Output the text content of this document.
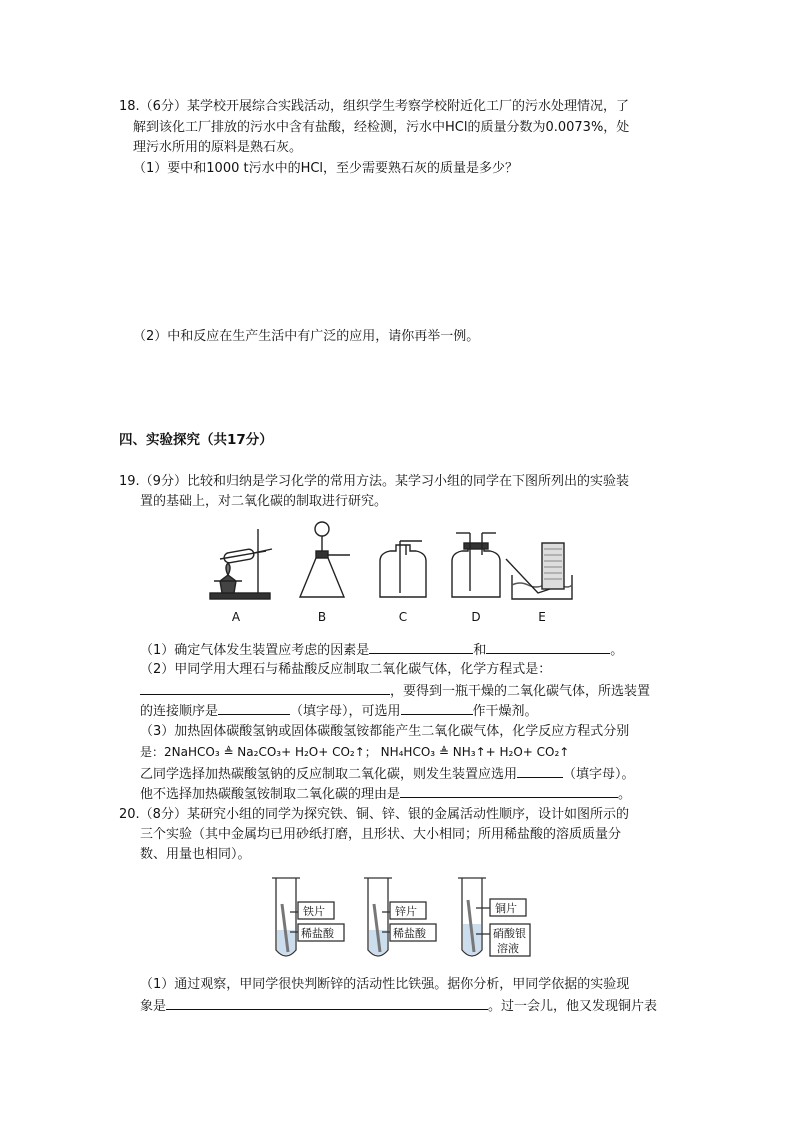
18.（6分）某学校开展综合实践活动，组织学生考察学校附近化工厂的污水处理情况，了
解到该化工厂排放的污水中含有盐酸，经检测，污水中HCl的质量分数为0.0073%，处
理污水所用的原料是熟石灰。
（1）要中和1000 t污水中的HCl，至少需要熟石灰的质量是多少？
（2）中和反应在生产生活中有广泛的应用，请你再举一例。
四、实验探究（共17分）
19.（9分）比较和归纳是学习化学的常用方法。某学习小组的同学在下图所列出的实验装
置的基础上，对二氧化碳的制取进行研究。
A	B	C	D	E
（1）确定气体发生装置应考虑的因素是	和	。
（2）甲同学用大理石与稀盐酸反应制取二氧化碳气体，化学方程式是：
，要得到一瓶干燥的二氧化碳气体，所选装置
的连接顺序是	（填字母），可选用	作干燥剂。
（3）加热固体碳酸氢钠或固体碳酸氢铵都能产生二氧化碳气体，化学反应方程式分别
是：2NaHCO₃ ≜ Na₂CO₃+ H₂O+ CO₂↑； NH₄HCO₃ ≜ NH₃↑+ H₂O+ CO₂↑
乙同学选择加热碳酸氢钠的反应制取二氧化碳，则发生装置应选用	（填字母）。
他不选择加热碳酸氢铵制取二氧化碳的理由是	。
20.（8分）某研究小组的同学为探究铁、铜、锌、银的金属活动性顺序，设计如图所示的
三个实验（其中金属均已用砂纸打磨，且形状、大小相同；所用稀盐酸的溶质质量分
数、用量也相同）。
铁片
稀盐酸
锌片
稀盐酸
铜片
硝酸银
溶液
（1）通过观察，甲同学很快判断锌的活动性比铁强。据你分析，甲同学依据的实验现
象是	。过一会儿，他又发现铜片表
